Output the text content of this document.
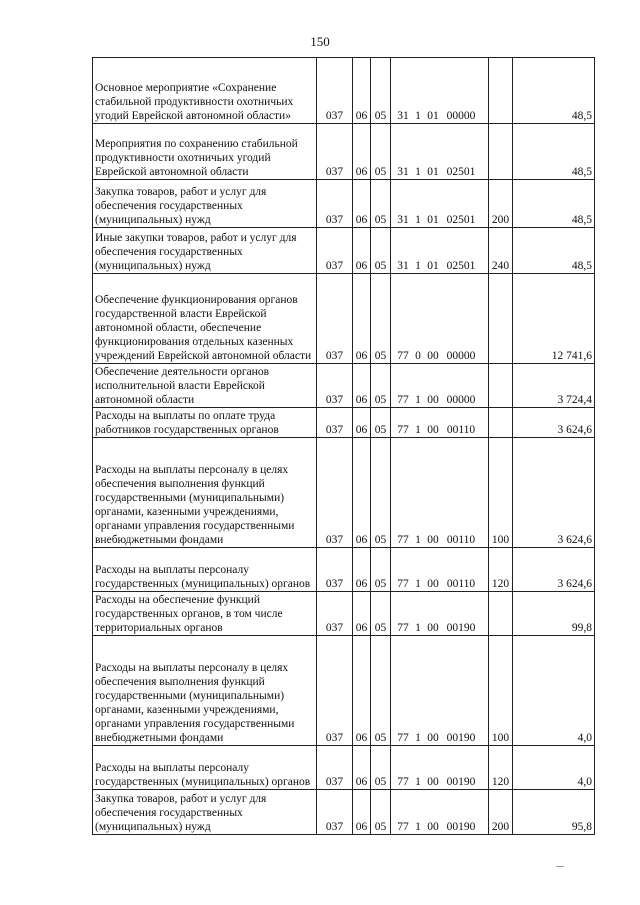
150
Основное мероприятие «Сохранение стабильной продуктивности охотничьих угодий Еврейской автономной области»	037	06	05	31 1 01 00000		48,5
Мероприятия по сохранению стабильной продуктивности охотничьих угодий Еврейской автономной области	037	06	05	31 1 01 02501		48,5
Закупка товаров, работ и услуг для обеспечения государственных (муниципальных) нужд	037	06	05	31 1 01 02501	200	48,5
Иные закупки товаров, работ и услуг для обеспечения государственных (муниципальных) нужд	037	06	05	31 1 01 02501	240	48,5
Обеспечение функционирования органов государственной власти Еврейской автономной области, обеспечение функционирования отдельных казенных учреждений Еврейской автономной области	037	06	05	77 0 00 00000		12 741,6
Обеспечение деятельности органов исполнительной власти Еврейской автономной области	037	06	05	77 1 00 00000		3 724,4
Расходы на выплаты по оплате труда работников государственных органов	037	06	05	77 1 00 00110		3 624,6
Расходы на выплаты персоналу в целях обеспечения выполнения функций государственными (муниципальными) органами, казенными учреждениями, органами управления государственными внебюджетными фондами	037	06	05	77 1 00 00110	100	3 624,6
Расходы на выплаты персоналу государственных (муниципальных) органов	037	06	05	77 1 00 00110	120	3 624,6
Расходы на обеспечение функций государственных органов, в том числе территориальных органов	037	06	05	77 1 00 00190		99,8
Расходы на выплаты персоналу в целях обеспечения выполнения функций государственными (муниципальными) органами, казенными учреждениями, органами управления государственными внебюджетными фондами	037	06	05	77 1 00 00190	100	4,0
Расходы на выплаты персоналу государственных (муниципальных) органов	037	06	05	77 1 00 00190	120	4,0
Закупка товаров, работ и услуг для обеспечения государственных (муниципальных) нужд	037	06	05	77 1 00 00190	200	95,8
